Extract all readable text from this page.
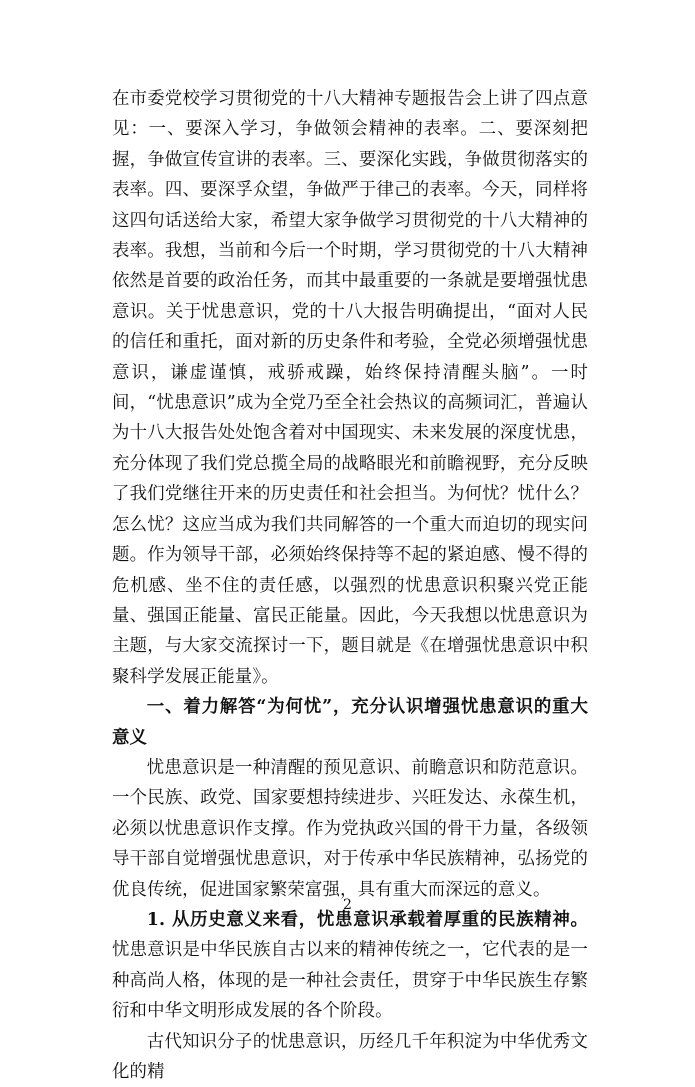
在市委党校学习贯彻党的十八大精神专题报告会上讲了四点意见：一、要深入学习，争做领会精神的表率。二、要深刻把握，争做宣传宣讲的表率。三、要深化实践，争做贯彻落实的表率。四、要深孚众望，争做严于律己的表率。今天，同样将这四句话送给大家，希望大家争做学习贯彻党的十八大精神的表率。我想，当前和今后一个时期，学习贯彻党的十八大精神依然是首要的政治任务，而其中最重要的一条就是要增强忧患意识。关于忧患意识，党的十八大报告明确提出，“面对人民的信任和重托，面对新的历史条件和考验，全党必须增强忧患意识，谦虚谨慎，戒骄戒躁，始终保持清醒头脑”。一时间，“忧患意识”成为全党乃至全社会热议的高频词汇，普遍认为十八大报告处处饱含着对中国现实、未来发展的深度忧患，充分体现了我们党总揽全局的战略眼光和前瞻视野，充分反映了我们党继往开来的历史责任和社会担当。为何忧？忧什么？怎么忧？这应当成为我们共同解答的一个重大而迫切的现实问题。作为领导干部，必须始终保持等不起的紧迫感、慢不得的危机感、坐不住的责任感，以强烈的忧患意识积聚兴党正能量、强国正能量、富民正能量。因此，今天我想以忧患意识为主题，与大家交流探讨一下，题目就是《在增强忧患意识中积聚科学发展正能量》。

一、着力解答“为何忧”，充分认识增强忧患意识的重大意义

忧患意识是一种清醒的预见意识、前瞻意识和防范意识。一个民族、政党、国家要想持续进步、兴旺发达、永葆生机，必须以忧患意识作支撑。作为党执政兴国的骨干力量，各级领导干部自觉增强忧患意识，对于传承中华民族精神，弘扬党的优良传统，促进国家繁荣富强，具有重大而深远的意义。

1. 从历史意义来看，忧患意识承载着厚重的民族精神。忧患意识是中华民族自古以来的精神传统之一，它代表的是一种高尚人格，体现的是一种社会责任，贯穿于中华民族生存繁衍和中华文明形成发展的各个阶段。

古代知识分子的忧患意识，历经几千年积淀为中华优秀文化的精

2
